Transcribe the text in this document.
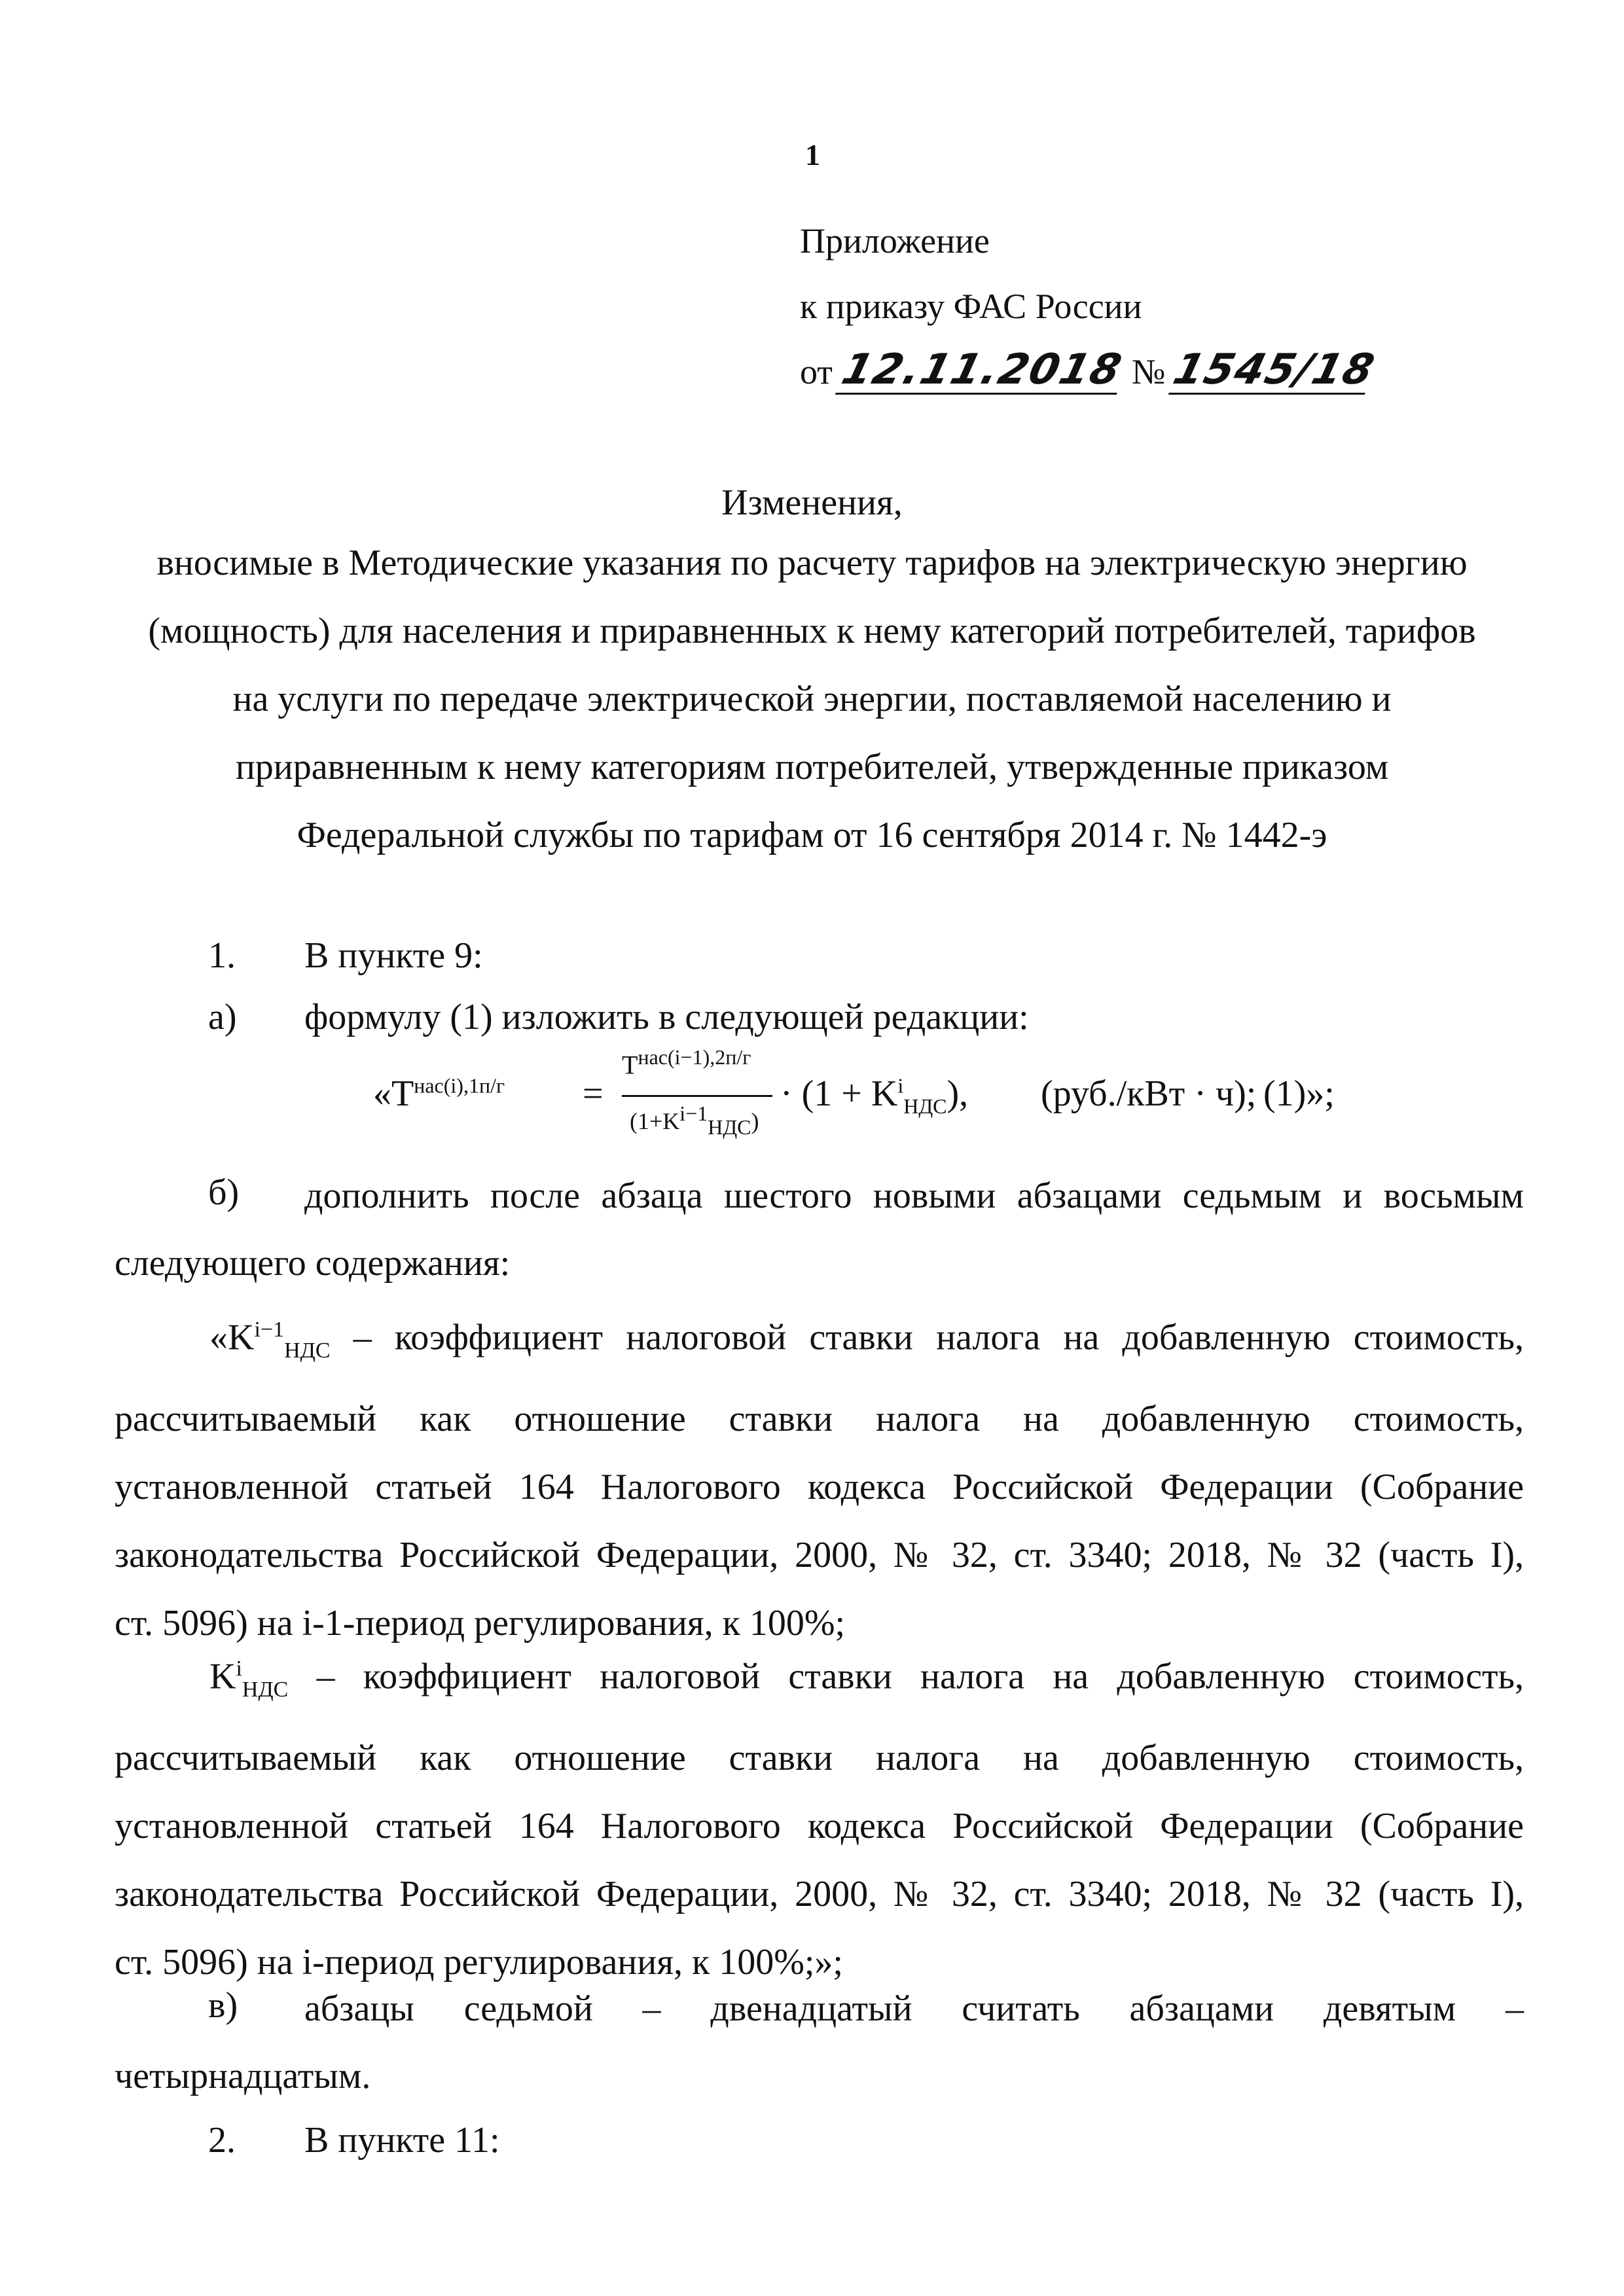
1
Приложение
к приказу ФАС России
от 12.11.2018 № 1545/18
Изменения,
вносимые в Методические указания по расчету тарифов на электрическую энергию
(мощность) для населения и приравненных к нему категорий потребителей, тарифов
на услуги по передаче электрической энергии, поставляемой населению и
приравненным к нему категориям потребителей, утвержденные приказом
Федеральной службы по тарифам от 16 сентября 2014 г. № 1442-э
1. В пункте 9:
а) формулу (1) изложить в следующей редакции:
«$T^{нас(i),1п/г}$ =
$T^{нас(i-1),2п/г}$
$(1+K^{i-1}_{НДС})$
· $(1 + K^i_{НДС})$, (руб./кВт · ч); (1)»;
б) дополнить после абзаца шестого новыми абзацами седьмым и восьмым
следующего содержания:
«$K^{i-1}_{НДС}$ – коэффициент налоговой ставки налога на добавленную стоимость,
рассчитываемый как отношение ставки налога на добавленную стоимость,
установленной статьей 164 Налогового кодекса Российской Федерации (Собрание
законодательства Российской Федерации, 2000, № 32, ст. 3340; 2018, № 32 (часть I),
ст. 5096) на i-1-период регулирования, к 100%;
$K^i_{НДС}$ – коэффициент налоговой ставки налога на добавленную стоимость,
рассчитываемый как отношение ставки налога на добавленную стоимость,
установленной статьей 164 Налогового кодекса Российской Федерации (Собрание
законодательства Российской Федерации, 2000, № 32, ст. 3340; 2018, № 32 (часть I),
ст. 5096) на i-период регулирования, к 100%;»;
в) абзацы седьмой – двенадцатый считать абзацами девятым –
четырнадцатым.
2. В пункте 11:
